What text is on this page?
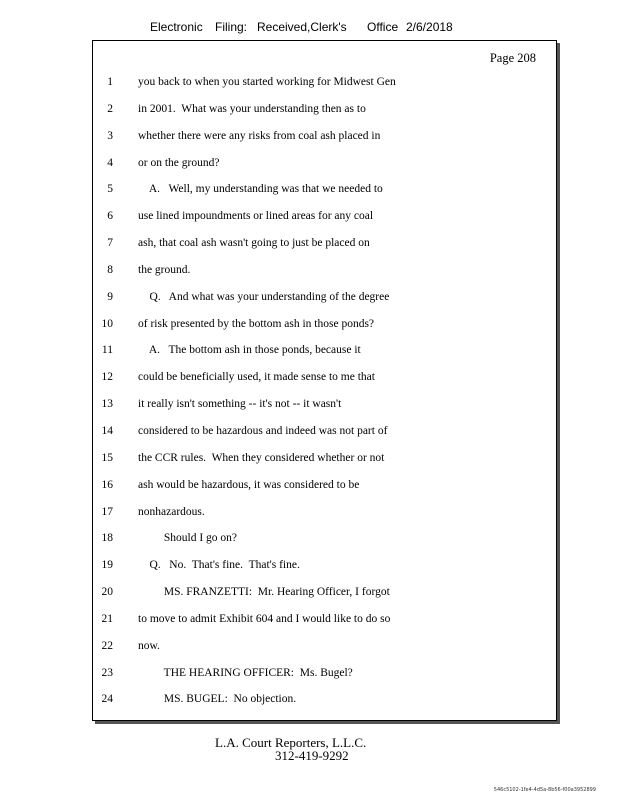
Electronic Filing: Received,Clerk's Office 2/6/2018
Page 208
1 you back to when you started working for Midwest Gen
2 in 2001.  What was your understanding then as to
3 whether there were any risks from coal ash placed in
4 or on the ground?
5 A.   Well, my understanding was that we needed to
6 use lined impoundments or lined areas for any coal
7 ash, that coal ash wasn't going to just be placed on
8 the ground.
9 Q.   And what was your understanding of the degree
10 of risk presented by the bottom ash in those ponds?
11 A.   The bottom ash in those ponds, because it
12 could be beneficially used, it made sense to me that
13 it really isn't something -- it's not -- it wasn't
14 considered to be hazardous and indeed was not part of
15 the CCR rules.  When they considered whether or not
16 ash would be hazardous, it was considered to be
17 nonhazardous.
18 Should I go on?
19 Q.   No.  That's fine.  That's fine.
20 MS. FRANZETTI:  Mr. Hearing Officer, I forgot
21 to move to admit Exhibit 604 and I would like to do so
22 now.
23 THE HEARING OFFICER:  Ms. Bugel?
24 MS. BUGEL:  No objection.
L.A. Court Reporters, L.L.C.
312-419-9292
546c5102-1fe4-4d5a-8b56-f00a3952899
